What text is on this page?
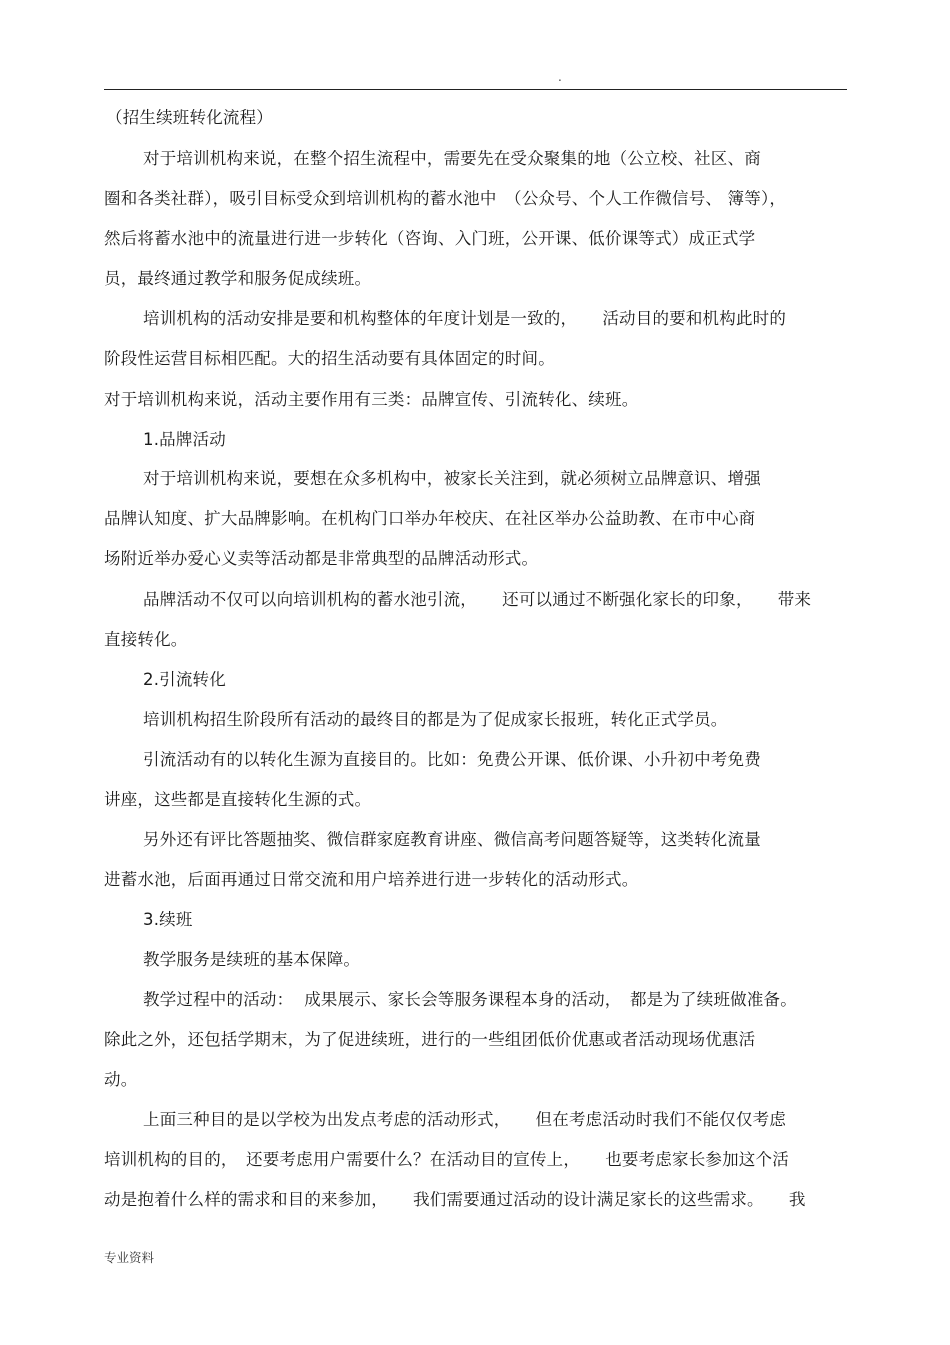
.
（招生续班转化流程）
对于培训机构来说，在整个招生流程中，需要先在受众聚集的地（公立校、社区、商
圈和各类社群），吸引目标受众到培训机构的蓄水池中　（公众号、个人工作微信号、 簿等），
然后将蓄水池中的流量进行进一步转化（咨询、入门班，公开课、低价课等式）成正式学
员，最终通过教学和服务促成续班。
培训机构的活动安排是要和机构整体的年度计划是一致的，　　活动目的要和机构此时的
阶段性运营目标相匹配。大的招生活动要有具体固定的时间。
对于培训机构来说，活动主要作用有三类：品牌宣传、引流转化、续班。
1.品牌活动
对于培训机构来说，要想在众多机构中，被家长关注到，就必须树立品牌意识、增强
品牌认知度、扩大品牌影响。在机构门口举办年校庆、在社区举办公益助教、在市中心商
场附近举办爱心义卖等活动都是非常典型的品牌活动形式。
品牌活动不仅可以向培训机构的蓄水池引流，　　还可以通过不断强化家长的印象，　　带来
直接转化。
2.引流转化
培训机构招生阶段所有活动的最终目的都是为了促成家长报班，转化正式学员。
引流活动有的以转化生源为直接目的。比如：免费公开课、低价课、小升初中考免费
讲座，这些都是直接转化生源的式。
另外还有评比答题抽奖、微信群家庭教育讲座、微信高考问题答疑等，这类转化流量
进蓄水池，后面再通过日常交流和用户培养进行进一步转化的活动形式。
3.续班
教学服务是续班的基本保障。
教学过程中的活动：  成果展示、家长会等服务课程本身的活动，　都是为了续班做准备。
除此之外，还包括学期末，为了促进续班，进行的一些组团低价优惠或者活动现场优惠活
动。
上面三种目的是以学校为出发点考虑的活动形式，　　但在考虑活动时我们不能仅仅考虑
培训机构的目的，　还要考虑用户需要什么？在活动目的宣传上，　　也要考虑家长参加这个活
动是抱着什么样的需求和目的来参加，　　我们需要通过活动的设计满足家长的这些需求。　　我
专业资料
